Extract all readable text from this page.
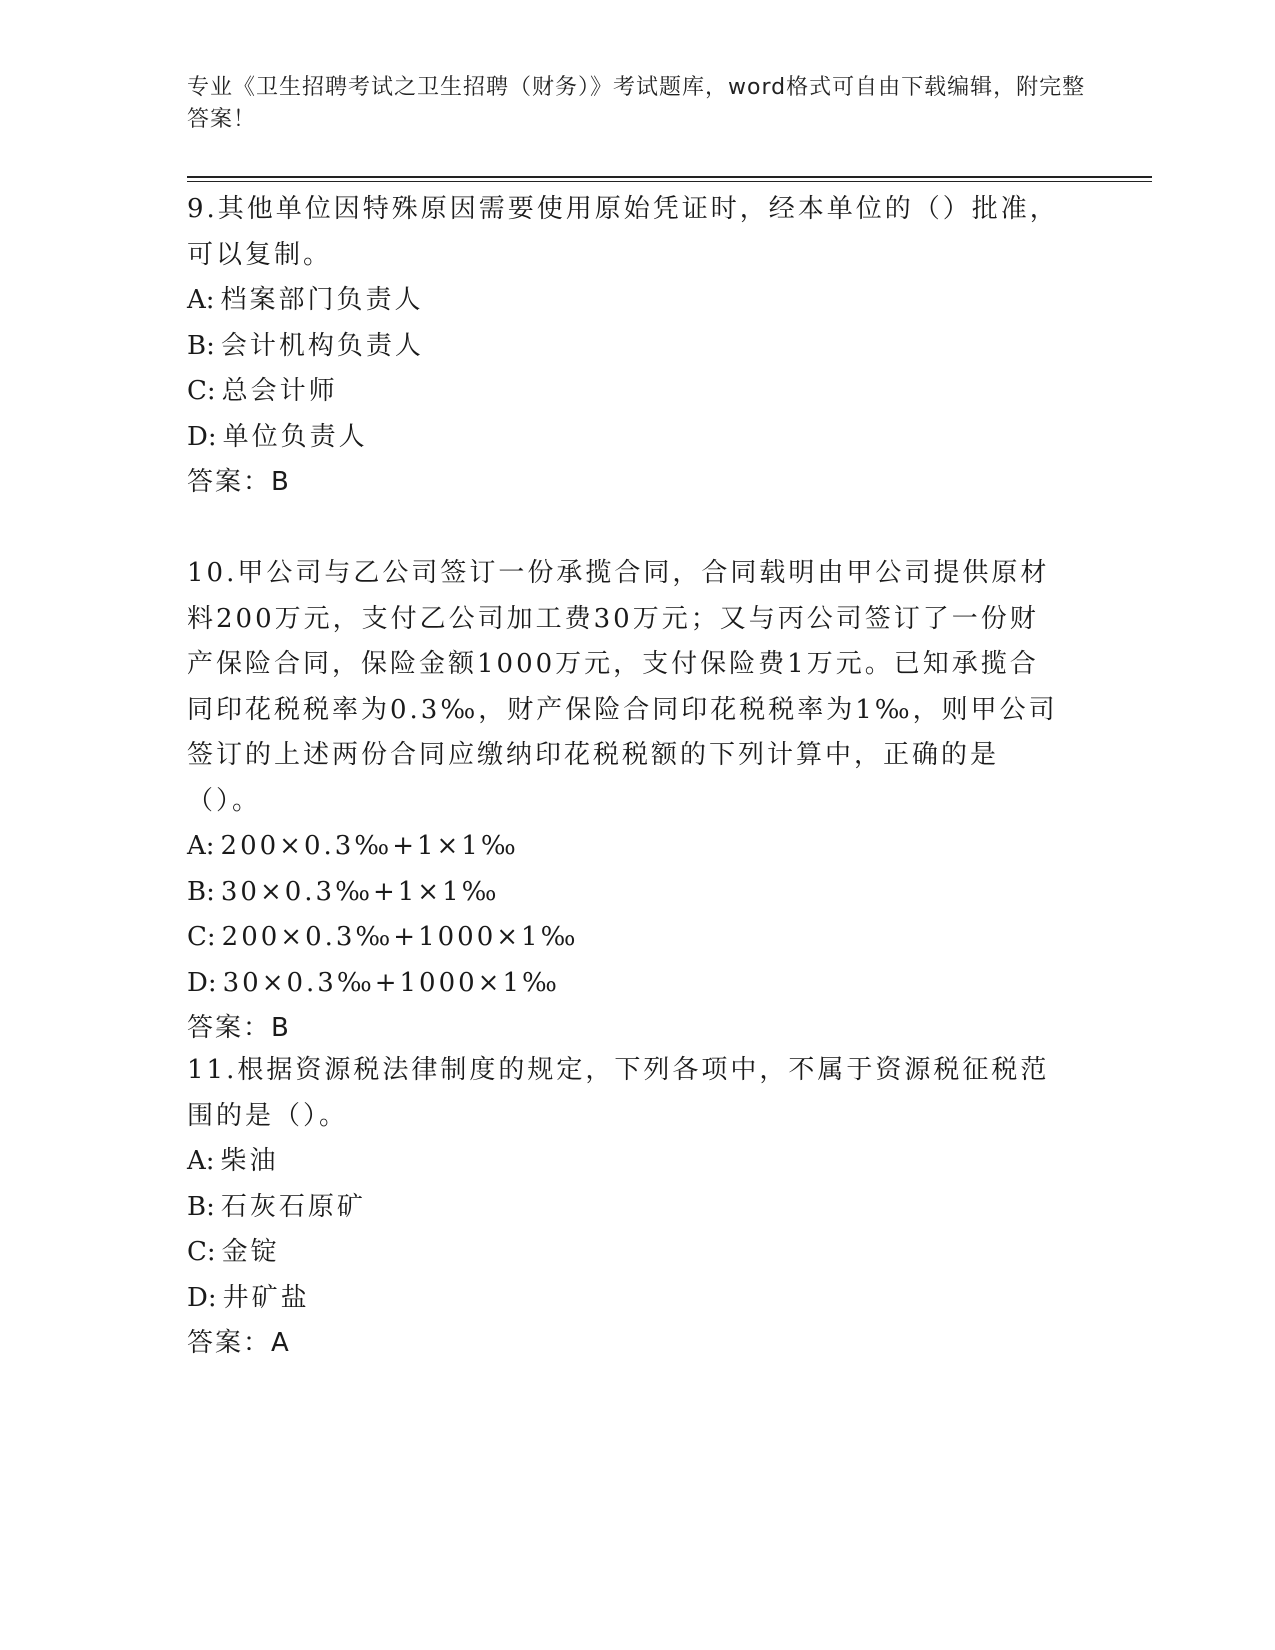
专业《卫生招聘考试之卫生招聘（财务）》考试题库，word格式可自由下载编辑，附完整答案！

9.其他单位因特殊原因需要使用原始凭证时，经本单位的（）批准，可以复制。

A: 档案部门负责人

B: 会计机构负责人

C: 总会计师

D: 单位负责人

答案：B

10.甲公司与乙公司签订一份承揽合同，合同载明由甲公司提供原材料200万元，支付乙公司加工费30万元；又与丙公司签订了一份财产保险合同，保险金额1000万元，支付保险费1万元。已知承揽合同印花税税率为0.3‰，财产保险合同印花税税率为1‰，则甲公司签订的上述两份合同应缴纳印花税税额的下列计算中，正确的是（）。

A: 200×0.3‰+1×1‰

B: 30×0.3‰+1×1‰

C: 200×0.3‰+1000×1‰

D: 30×0.3‰+1000×1‰

答案：B

11.根据资源税法律制度的规定，下列各项中，不属于资源税征税范围的是（）。

A: 柴油

B: 石灰石原矿

C: 金锭

D: 井矿盐

答案：A
